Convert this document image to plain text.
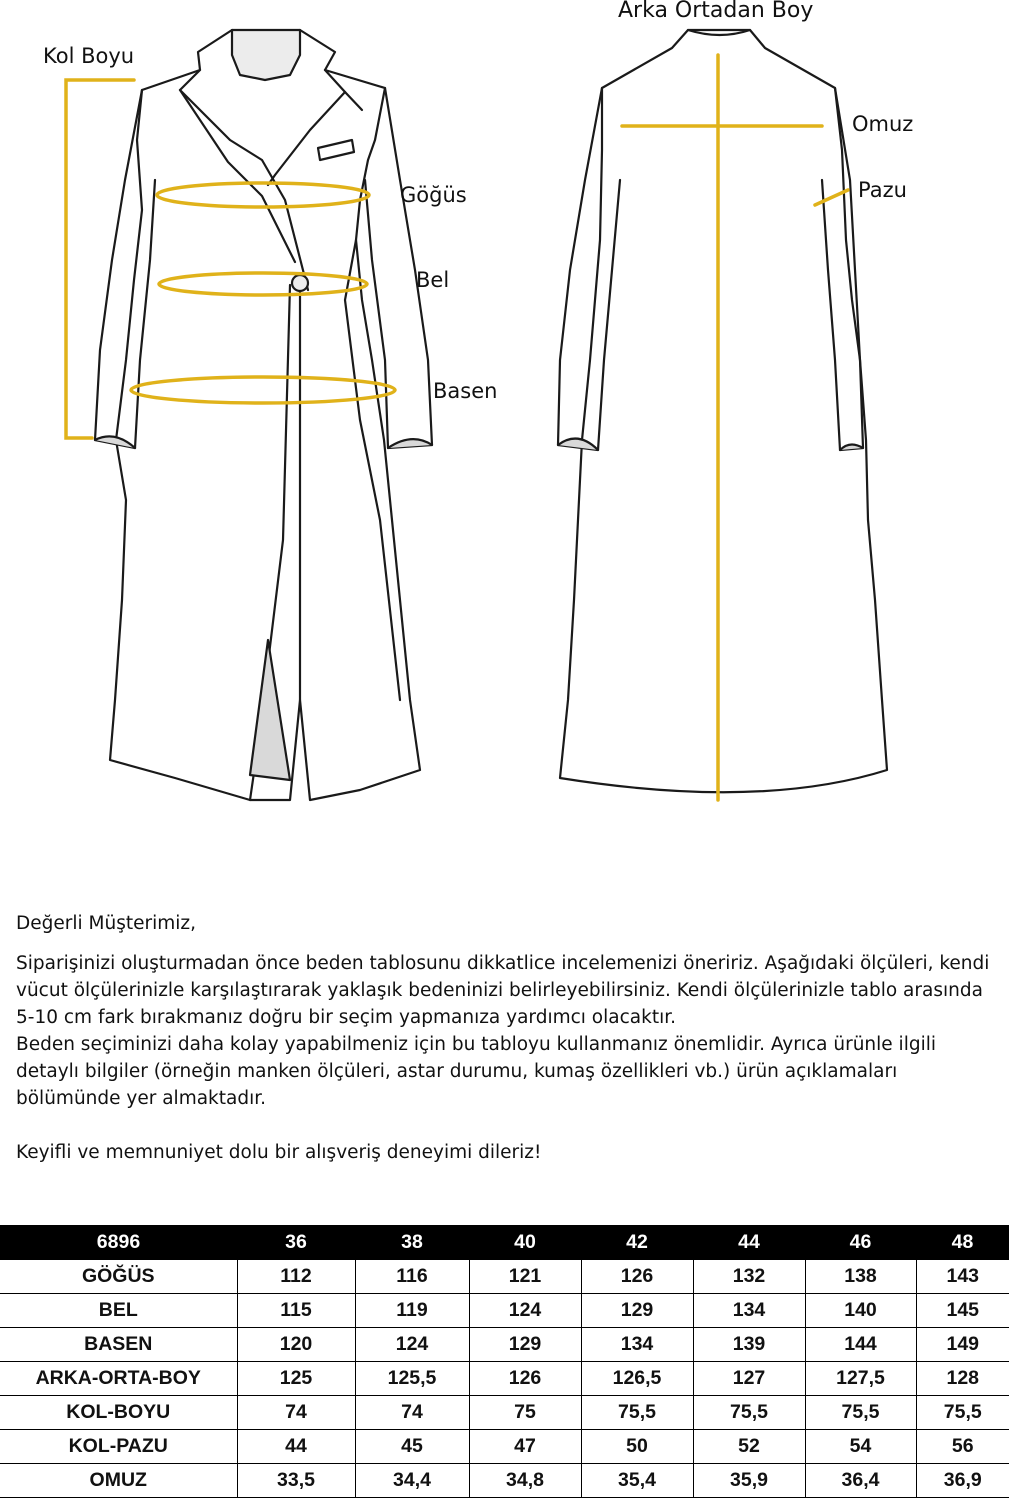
Kol Boyu
Göğüs
Bel
Basen
Arka Ortadan Boy
Omuz
Pazu

Değerli Müşterimiz,

Siparişinizi oluşturmadan önce beden tablosunu dikkatlice incelemenizi öneririz. Aşağıdaki ölçüleri, kendi vücut ölçülerinizle karşılaştırarak yaklaşık bedeninizi belirleyebilirsiniz. Kendi ölçülerinizle tablo arasında 5-10 cm fark bırakmanız doğru bir seçim yapmanıza yardımcı olacaktır.

Beden seçiminizi daha kolay yapabilmeniz için bu tabloyu kullanmanız önemlidir. Ayrıca ürünle ilgili detaylı bilgiler (örneğin manken ölçüleri, astar durumu, kumaş özellikleri vb.) ürün açıklamaları bölümünde yer almaktadır.

Keyifli ve memnuniyet dolu bir alışveriş deneyimi dileriz!

6896	36	38	40	42	44	46	48
GÖĞÜS	112	116	121	126	132	138	143
BEL	115	119	124	129	134	140	145
BASEN	120	124	129	134	139	144	149
ARKA-ORTA-BOY	125	125,5	126	126,5	127	127,5	128
KOL-BOYU	74	74	75	75,5	75,5	75,5	75,5
KOL-PAZU	44	45	47	50	52	54	56
OMUZ	33,5	34,4	34,8	35,4	35,9	36,4	36,9
